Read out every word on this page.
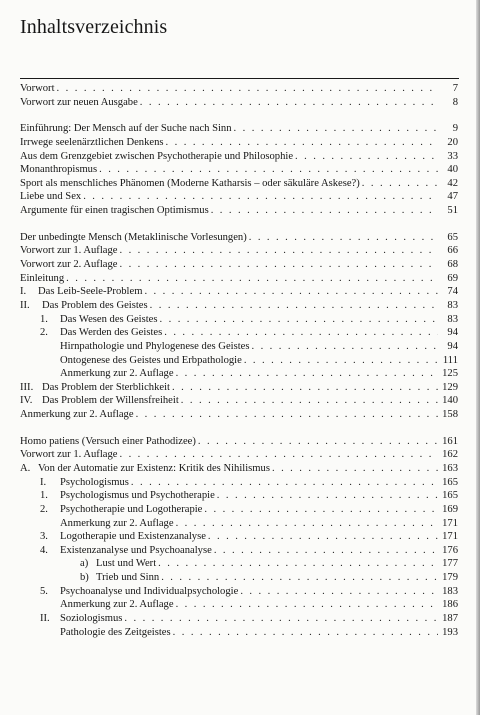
Inhaltsverzeichnis
Vorwort . . .	7
Vorwort zur neuen Ausgabe . . .	8
Einführung: Der Mensch auf der Suche nach Sinn . . .	9
Irrwege seelenärztlichen Denkens . . .	20
Aus dem Grenzgebiet zwischen Psychotherapie und Philosophie . . .	33
Monanthropismus . . .	40
Sport als menschliches Phänomen (Moderne Katharsis – oder säkuläre Askese?) . . .	42
Liebe und Sex . . .	47
Argumente für einen tragischen Optimismus . . .	51
Der unbedingte Mensch (Metaklinische Vorlesungen) . . .	65
Vorwort zur 1. Auflage . . .	66
Vorwort zur 2. Auflage . . .	68
Einleitung . . .	69
I. Das Leib-Seele-Problem . . .	74
II. Das Problem des Geistes . . .	83
1. Das Wesen des Geistes . . .	83
2. Das Werden des Geistes . . .	94
Hirnpathologie und Phylogenese des Geistes . . .	94
Ontogenese des Geistes und Erbpathologie . . .	111
Anmerkung zur 2. Auflage . . .	125
III. Das Problem der Sterblichkeit . . .	129
IV. Das Problem der Willensfreiheit . . .	140
Anmerkung zur 2. Auflage . . .	158
Homo patiens (Versuch einer Pathodizee) . . .	161
Vorwort zur 1. Auflage . . .	162
A. Von der Automatie zur Existenz: Kritik des Nihilismus . . .	163
I. Psychologismus . . .	165
1. Psychologismus und Psychotherapie . . .	165
2. Psychotherapie und Logotherapie . . .	169
Anmerkung zur 2. Auflage . . .	171
3. Logotherapie und Existenzanalyse . . .	171
4. Existenzanalyse und Psychoanalyse . . .	176
a) Lust und Wert . . .	177
b) Trieb und Sinn . . .	179
5. Psychoanalyse und Individualpsychologie . . .	183
Anmerkung zur 2. Auflage . . .	186
II. Soziologismus . . .	187
Pathologie des Zeitgeistes . . .	193
